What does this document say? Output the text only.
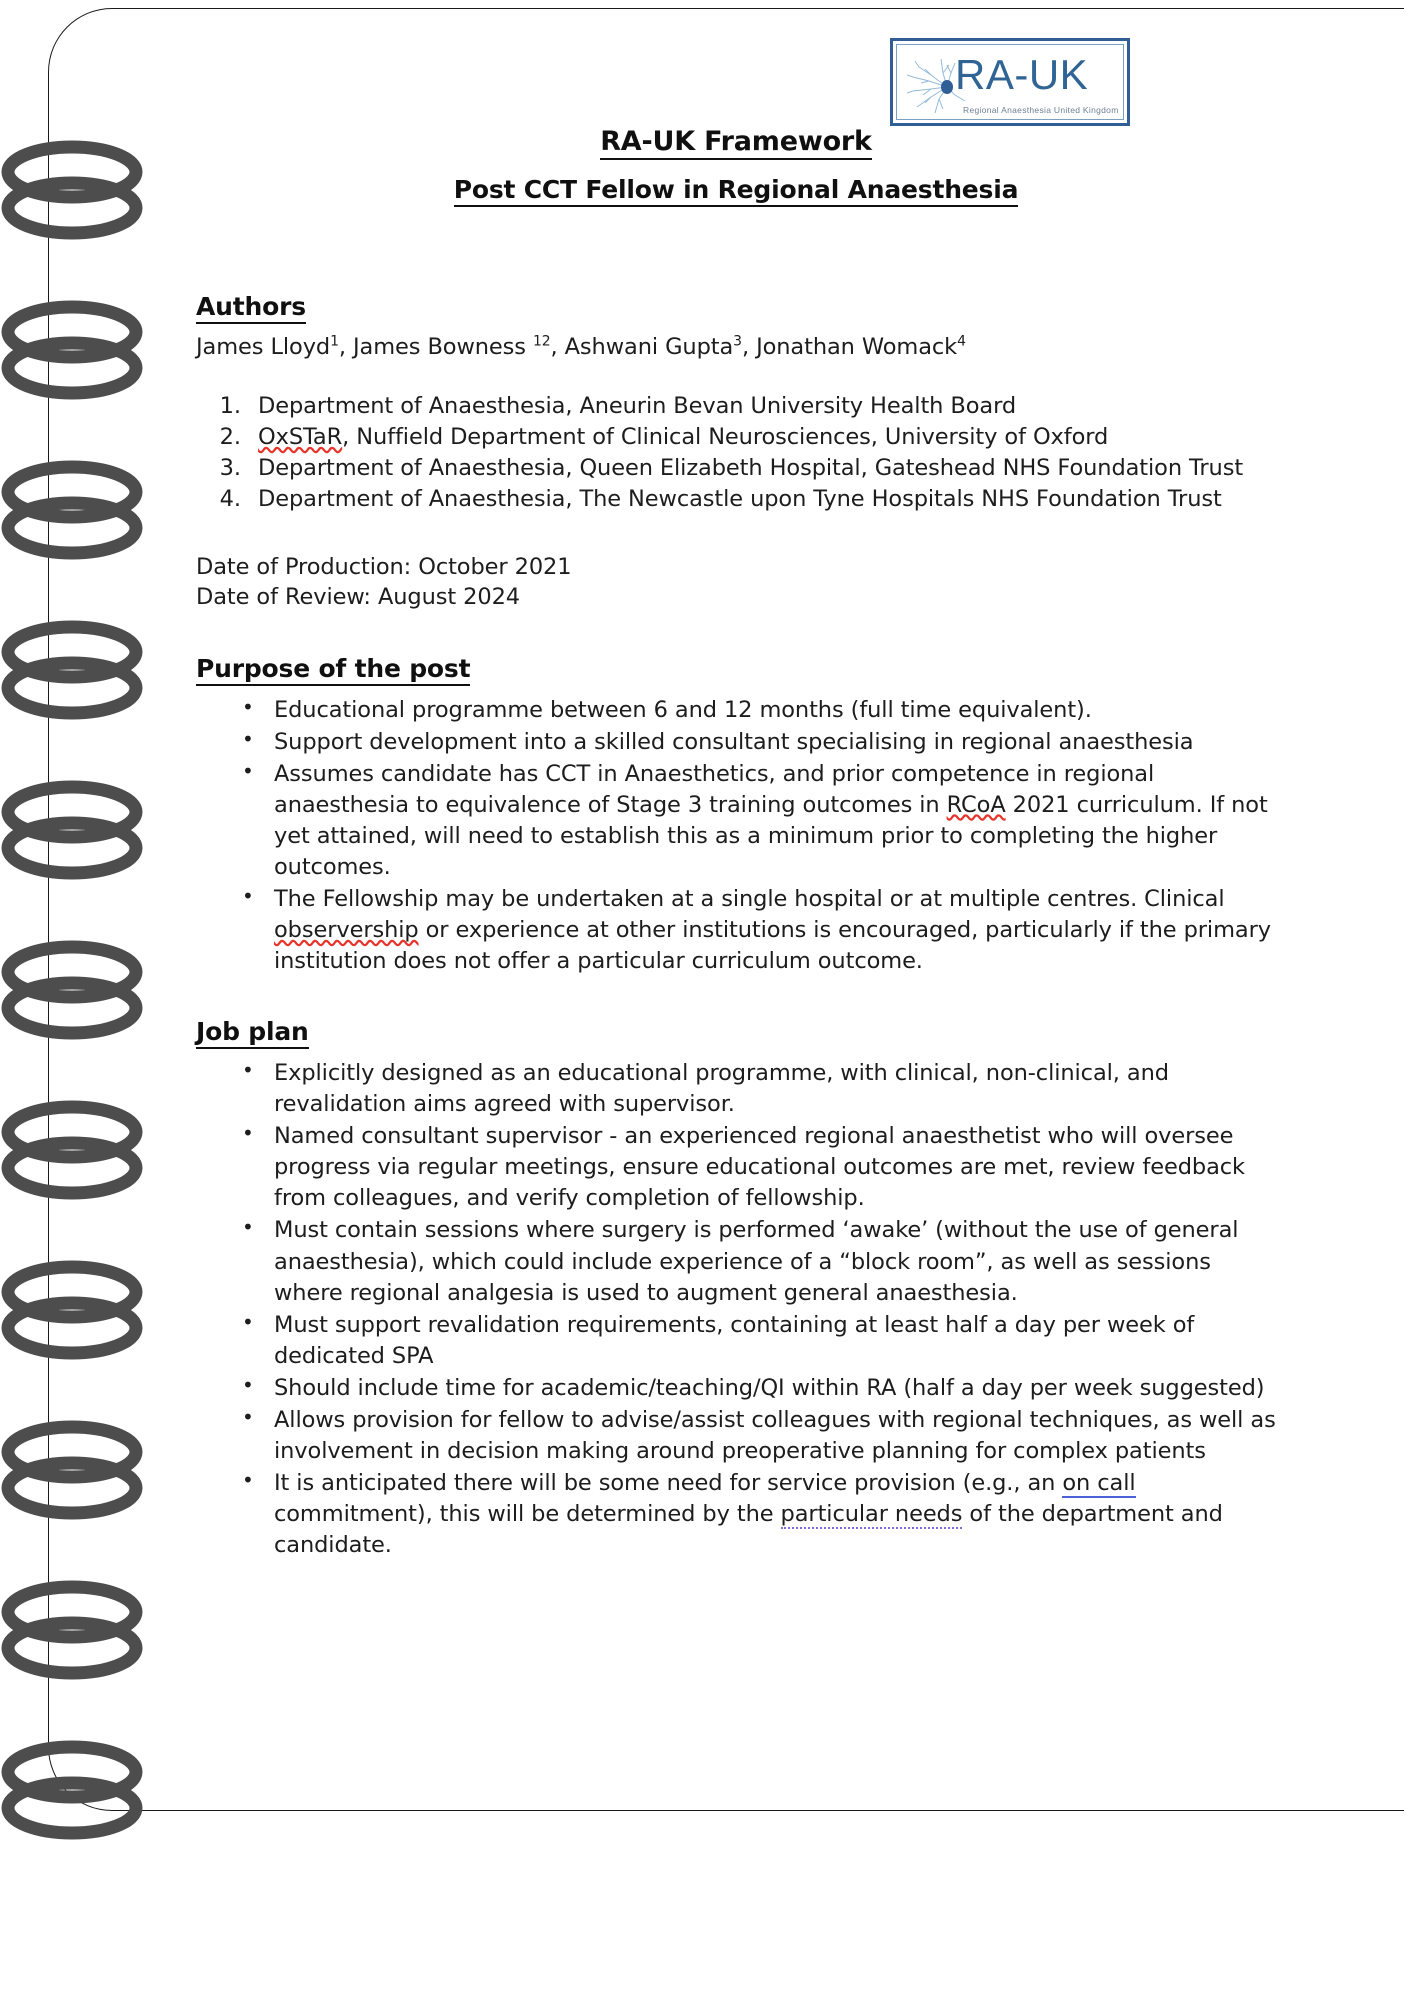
RA-UK
Regional Anaesthesia United Kingdom
RA-UK Framework
Post CCT Fellow in Regional Anaesthesia
Authors
James Lloyd$^1$, James Bowness $^{12}$, Ashwani Gupta$^3$, Jonathan Womack$^4$
1. Department of Anaesthesia, Aneurin Bevan University Health Board
2. OxSTaR, Nuffield Department of Clinical Neurosciences, University of Oxford
3. Department of Anaesthesia, Queen Elizabeth Hospital, Gateshead NHS Foundation Trust
4. Department of Anaesthesia, The Newcastle upon Tyne Hospitals NHS Foundation Trust
Date of Production: October 2021
Date of Review: August 2024
Purpose of the post
• Educational programme between 6 and 12 months (full time equivalent).
• Support development into a skilled consultant specialising in regional anaesthesia
• Assumes candidate has CCT in Anaesthetics, and prior competence in regional anaesthesia to equivalence of Stage 3 training outcomes in RCoA 2021 curriculum. If not yet attained, will need to establish this as a minimum prior to completing the higher outcomes.
• The Fellowship may be undertaken at a single hospital or at multiple centres. Clinical observership or experience at other institutions is encouraged, particularly if the primary institution does not offer a particular curriculum outcome.
Job plan
• Explicitly designed as an educational programme, with clinical, non-clinical, and revalidation aims agreed with supervisor.
• Named consultant supervisor - an experienced regional anaesthetist who will oversee progress via regular meetings, ensure educational outcomes are met, review feedback from colleagues, and verify completion of fellowship.
• Must contain sessions where surgery is performed ‘awake’ (without the use of general anaesthesia), which could include experience of a “block room”, as well as sessions where regional analgesia is used to augment general anaesthesia.
• Must support revalidation requirements, containing at least half a day per week of dedicated SPA
• Should include time for academic/teaching/QI within RA (half a day per week suggested)
• Allows provision for fellow to advise/assist colleagues with regional techniques, as well as involvement in decision making around preoperative planning for complex patients
• It is anticipated there will be some need for service provision (e.g., an on call commitment), this will be determined by the particular needs of the department and candidate.
